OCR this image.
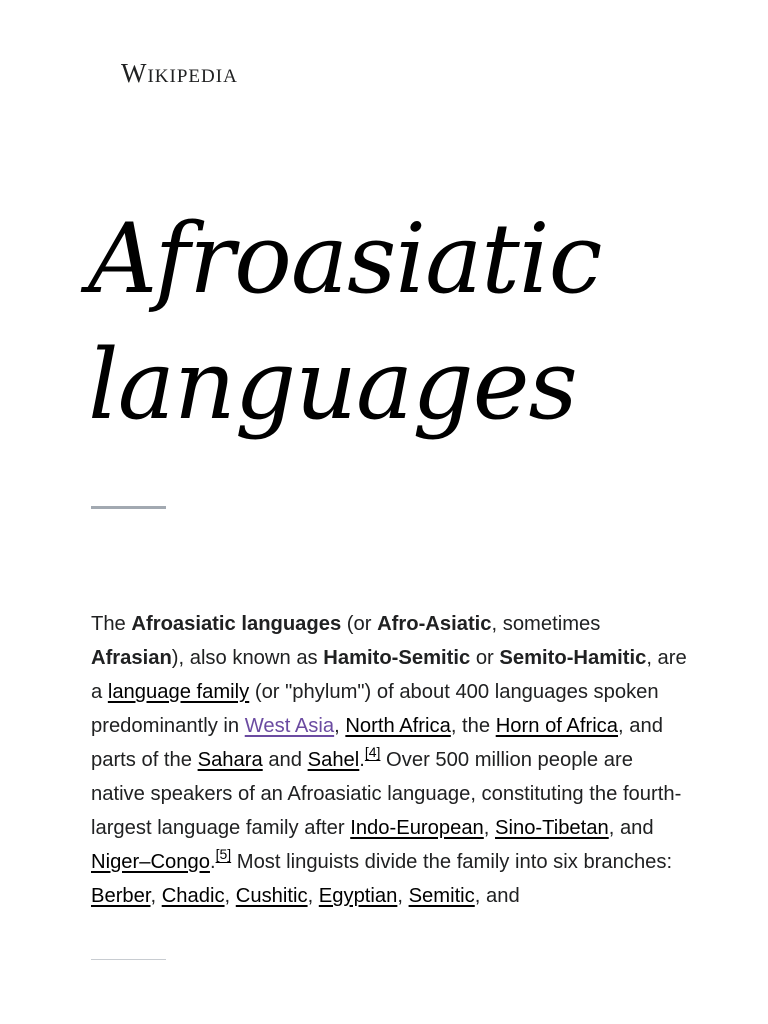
Wikipedia
Afroasiatic
languages

The Afroasiatic languages (or Afro-Asiatic, sometimes Afrasian), also known as Hamito-Semitic or Semito-Hamitic, are a language family (or "phylum") of about 400 languages spoken predominantly in West Asia, North Africa, the Horn of Africa, and parts of the Sahara and Sahel.[4] Over 500 million people are native speakers of an Afroasiatic language, constituting the fourth-largest language family after Indo-European, Sino-Tibetan, and Niger–Congo.[5] Most linguists divide the family into six branches: Berber, Chadic, Cushitic, Egyptian, Semitic, and
